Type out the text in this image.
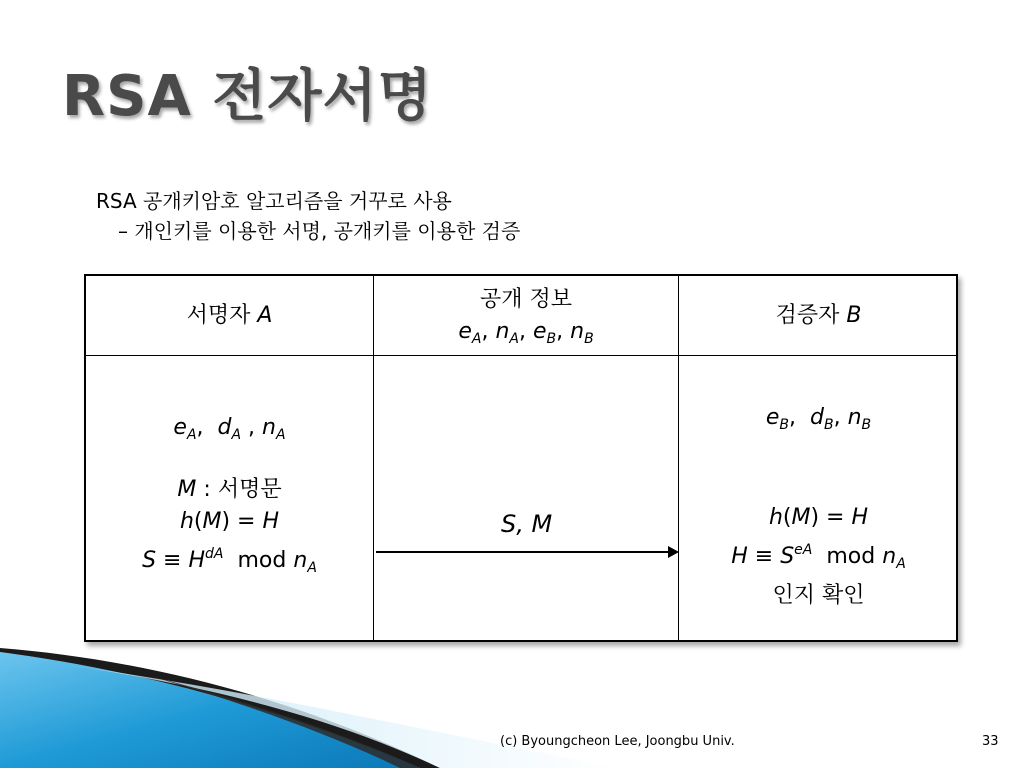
RSA 전자서명
RSA 공개키암호 알고리즘을 거꾸로 사용
– 개인키를 이용한 서명, 공개키를 이용한 검증
서명자 A
공개 정보
$e_A$, $n_A$, $e_B$, $n_B$
검증자 B
$e_A$,  $d_A$ , $n_A$
M : 서명문
h(M) = H
$S \equiv H^{dA}$ mod $n_A$
$e_B$,  $d_B$, $n_B$
h(M) = H
$H \equiv S^{eA}$ mod $n_A$
인지 확인
S, M
(c) Byoungcheon Lee, Joongbu Univ.	33
